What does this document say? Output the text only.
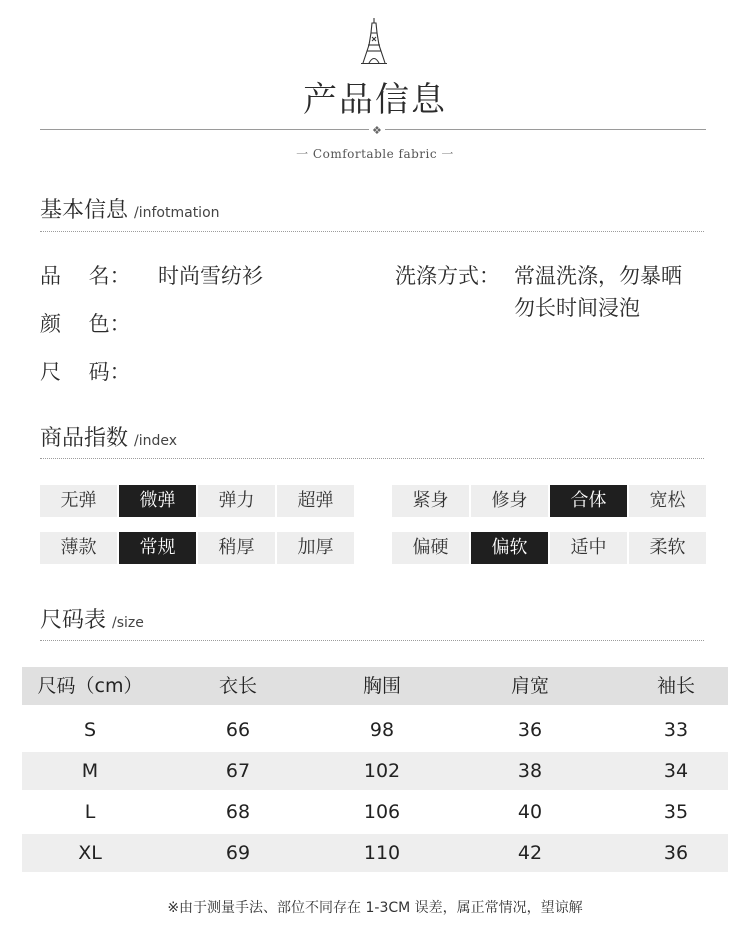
产品信息
❖
一 Comfortable fabric 一
基本信息 /infotmation
品　 名： 时尚雪纺衫
颜　 色：
尺　 码：
洗涤方式： 常温洗涤，勿暴晒
勿长时间浸泡
商品指数 /index
无弹	微弹	弹力	超弹	紧身	修身	合体	宽松
薄款	常规	稍厚	加厚	偏硬	偏软	适中	柔软
尺码表 /size
尺码（cm）	衣长	胸围	肩宽	袖长
S	66	98	36	33
M	67	102	38	34
L	68	106	40	35
XL	69	110	42	36
※由于测量手法、部位不同存在 1-3CM 误差，属正常情况，望谅解
